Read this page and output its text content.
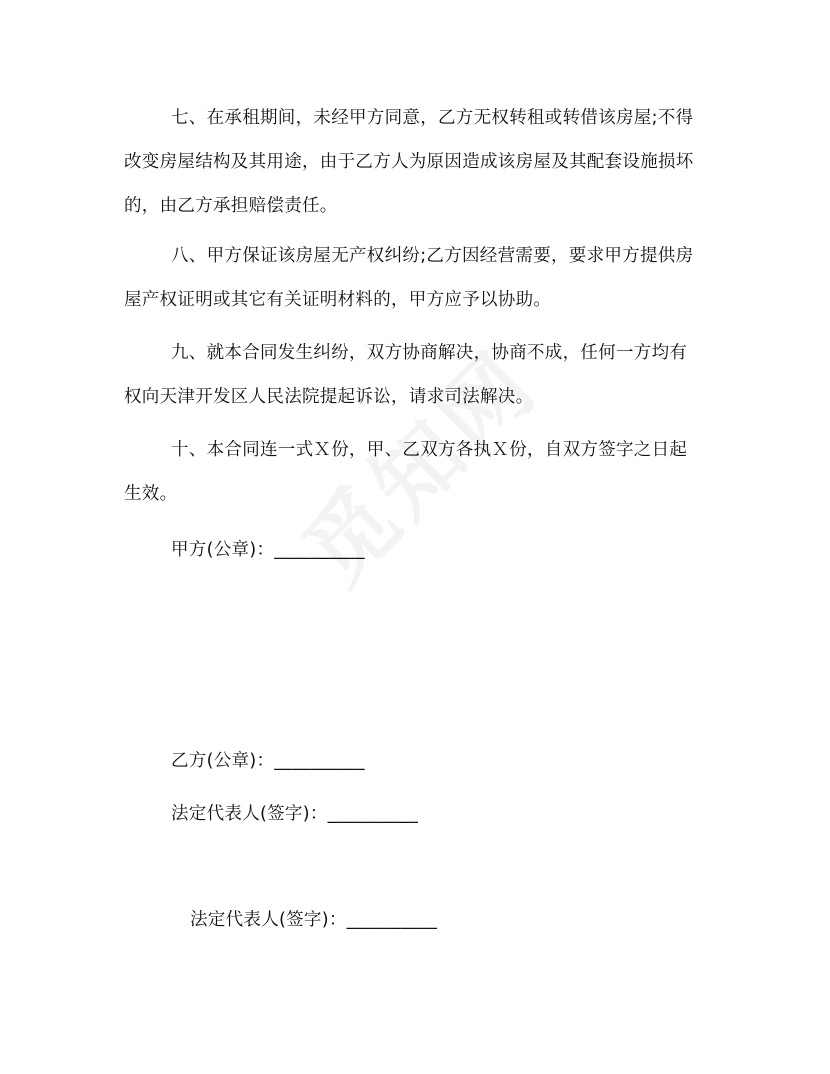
七、在承租期间，未经甲方同意，乙方无权转租或转借该房屋;不得改变房屋结构及其用途，由于乙方人为原因造成该房屋及其配套设施损坏的，由乙方承担赔偿责任。

八、甲方保证该房屋无产权纠纷;乙方因经营需要，要求甲方提供房屋产权证明或其它有关证明材料的，甲方应予以协助。

九、就本合同发生纠纷，双方协商解决，协商不成，任何一方均有权向天津开发区人民法院提起诉讼，请求司法解决。

十、本合同连一式Ｘ份，甲、乙双方各执Ｘ份，自双方签字之日起生效。

甲方(公章)：__________
乙方(公章)：__________
法定代表人(签字)：__________
法定代表人(签字)：__________
